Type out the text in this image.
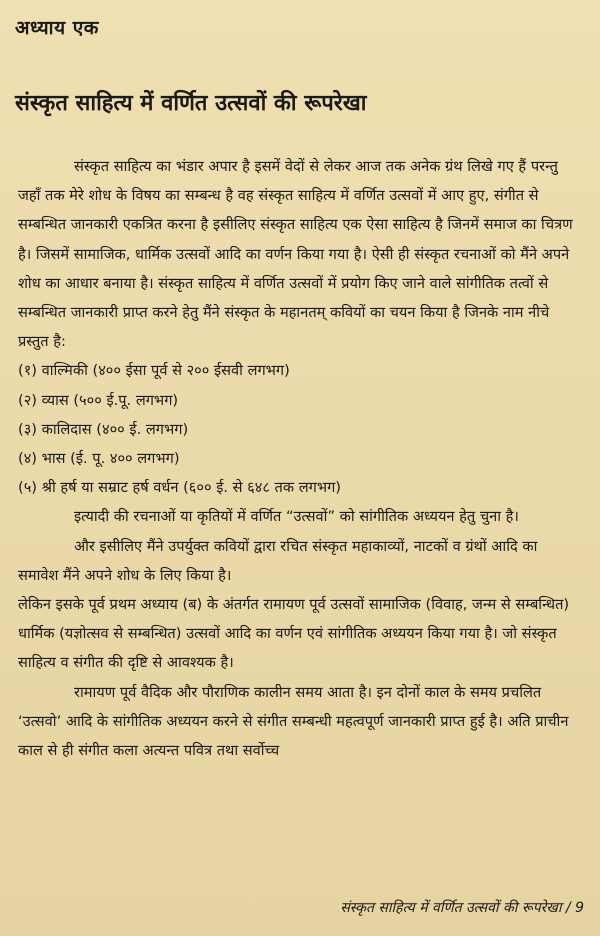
अध्याय एक
संस्कृत साहित्य में वर्णित उत्सवों की रूपरेखा

संस्कृत साहित्य का भंडार अपार है इसमें वेदों से लेकर आज तक अनेक ग्रंथ लिखे गए हैं परन्तु जहाँ तक मेरे शोध के विषय का सम्बन्ध है वह संस्कृत साहित्य में वर्णित उत्सवों में आए हुए, संगीत से सम्बन्धित जानकारी एकत्रित करना है इसीलिए संस्कृत साहित्य एक ऐसा साहित्य है जिनमें समाज का चित्रण है। जिसमें सामाजिक, धार्मिक उत्सवों आदि का वर्णन किया गया है। ऐसी ही संस्कृत रचनाओं को मैंने अपने शोध का आधार बनाया है। संस्कृत साहित्य में वर्णित उत्सवों में प्रयोग किए जाने वाले सांगीतिक तत्वों से सम्बन्धित जानकारी प्राप्त करने हेतु मैंने संस्कृत के महानतम् कवियों का चयन किया है जिनके नाम नीचे प्रस्तुत है:

(१) वाल्मिकी (४०० ईसा पूर्व से २०० ईसवी लगभग)
(२) व्यास (५०० ई.पू. लगभग)
(३) कालिदास (४०० ई. लगभग)
(४) भास (ई. पू. ४०० लगभग)
(५) श्री हर्ष या सम्राट हर्ष वर्धन (६०० ई. से ६४८ तक लगभग)

इत्यादी की रचनाओं या कृतियों में वर्णित “उत्सवों” को सांगीतिक अध्ययन हेतु चुना है।

और इसीलिए मैंने उपर्युक्त कवियों द्वारा रचित संस्कृत महाकाव्यों, नाटकों व ग्रंथों आदि का समावेश मैंने अपने शोध के लिए किया है।

लेकिन इसके पूर्व प्रथम अध्याय (ब) के अंतर्गत रामायण पूर्व उत्सवों सामाजिक (विवाह, जन्म से सम्बन्धित) धार्मिक (यज्ञोत्सव से सम्बन्धित) उत्सवों आदि का वर्णन एवं सांगीतिक अध्ययन किया गया है। जो संस्कृत साहित्य व संगीत की दृष्टि से आवश्यक है।

रामायण पूर्व वैदिक और पौराणिक कालीन समय आता है। इन दोनों काल के समय प्रचलित ‘उत्सवो’ आदि के सांगीतिक अध्ययन करने से संगीत सम्बन्धी महत्वपूर्ण जानकारी प्राप्त हुई है। अति प्राचीन काल से ही संगीत कला अत्यन्त पवित्र तथा सर्वोच्च

संस्कृत साहित्य में वर्णित उत्सवों की रूपरेखा / 9
